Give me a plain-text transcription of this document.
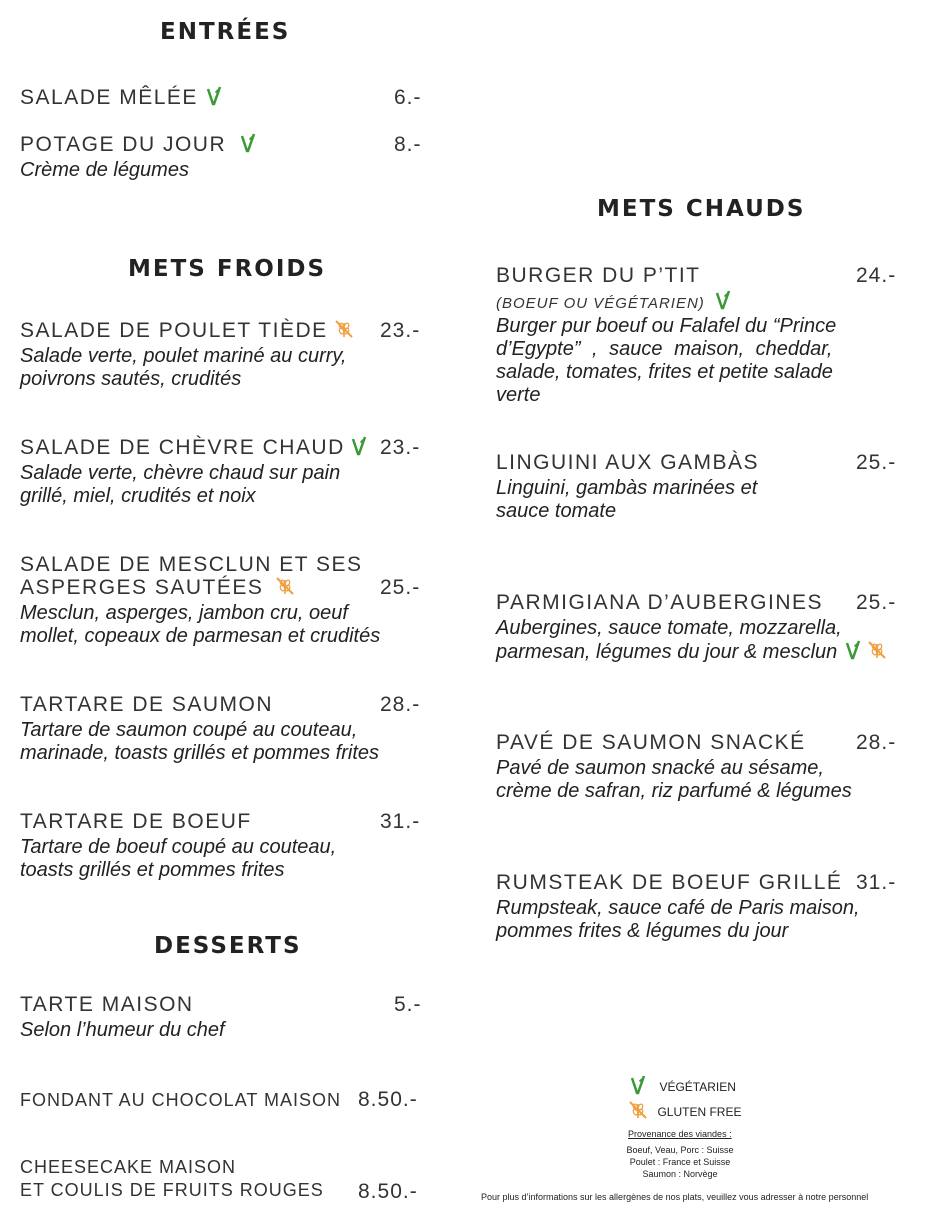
ENTRÉES
SALADE MÊLÉE	6.-
POTAGE DU JOUR	8.-
Crème de légumes
METS FROIDS
SALADE DE POULET TIÈDE	23.-
Salade verte, poulet mariné au curry,
poivrons sautés, crudités
SALADE DE CHÈVRE CHAUD	23.-
Salade verte, chèvre chaud sur pain
grillé, miel, crudités et noix
SALADE DE MESCLUN ET SES
ASPERGES SAUTÉES	25.-
Mesclun, asperges, jambon cru, oeuf
mollet, copeaux de parmesan et crudités
TARTARE DE SAUMON	28.-
Tartare de saumon coupé au couteau,
marinade, toasts grillés et pommes frites
TARTARE DE BOEUF	31.-
Tartare de boeuf coupé au couteau,
toasts grillés et pommes frites
DESSERTS
TARTE MAISON	5.-
Selon l’humeur du chef
FONDANT AU CHOCOLAT MAISON 8.50.-
CHEESECAKE MAISON
ET COULIS DE FRUITS ROUGES 8.50.-
METS CHAUDS
BURGER DU P’TIT	24.-
(BOEUF OU VÉGÉTARIEN)
Burger pur boeuf ou Falafel du “Prince
d’Egypte” , sauce maison, cheddar,
salade, tomates, frites et petite salade
verte
LINGUINI AUX GAMBÀS	25.-
Linguini, gambàs marinées et
sauce tomate
PARMIGIANA D’AUBERGINES 25.-
Aubergines, sauce tomate, mozzarella,
parmesan, légumes du jour & mesclun
PAVÉ DE SAUMON SNACKÉ 28.-
Pavé de saumon snacké au sésame,
crème de safran, riz parfumé & légumes
RUMSTEAK DE BOEUF GRILLÉ 31.-
Rumpsteak, sauce café de Paris maison,
pommes frites & légumes du jour
VÉGÉTARIEN
GLUTEN FREE
Provenance des viandes :
Boeuf, Veau, Porc : Suisse
Poulet : France et Suisse
Saumon : Norvège
Pour plus d’informations sur les allergènes de nos plats, veuillez vous adresser à notre personnel
